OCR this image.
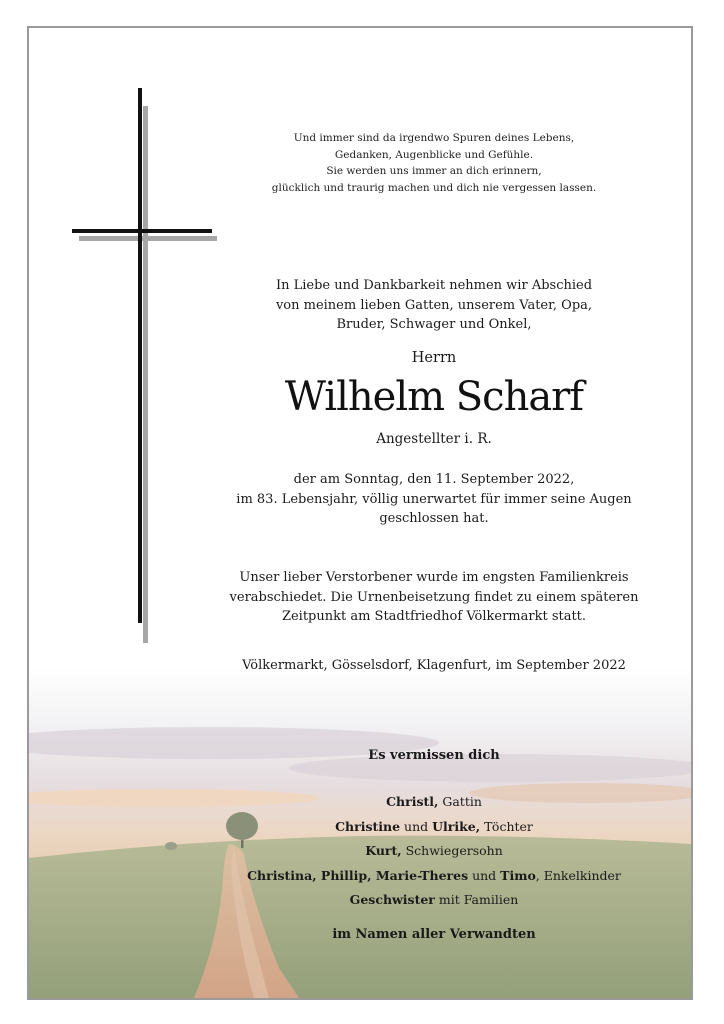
Und immer sind da irgendwo Spuren deines Lebens,
Gedanken, Augenblicke und Gefühle.
Sie werden uns immer an dich erinnern,
glücklich und traurig machen und dich nie vergessen lassen.
In Liebe und Dankbarkeit nehmen wir Abschied
von meinem lieben Gatten, unserem Vater, Opa,
Bruder, Schwager und Onkel,
Herrn
Wilhelm Scharf
Angestellter i. R.
der am Sonntag, den 11. September 2022,
im 83. Lebensjahr, völlig unerwartet für immer seine Augen
geschlossen hat.
Unser lieber Verstorbener wurde im engsten Familienkreis
verabschiedet. Die Urnenbeisetzung findet zu einem späteren
Zeitpunkt am Stadtfriedhof Völkermarkt statt.
Völkermarkt, Gösselsdorf, Klagenfurt, im September 2022
Es vermissen dich
Christl, Gattin
Christine und Ulrike, Töchter
Kurt, Schwiegersohn
Christina, Phillip, Marie-Theres und Timo, Enkelkinder
Geschwister mit Familien
im Namen aller Verwandten
